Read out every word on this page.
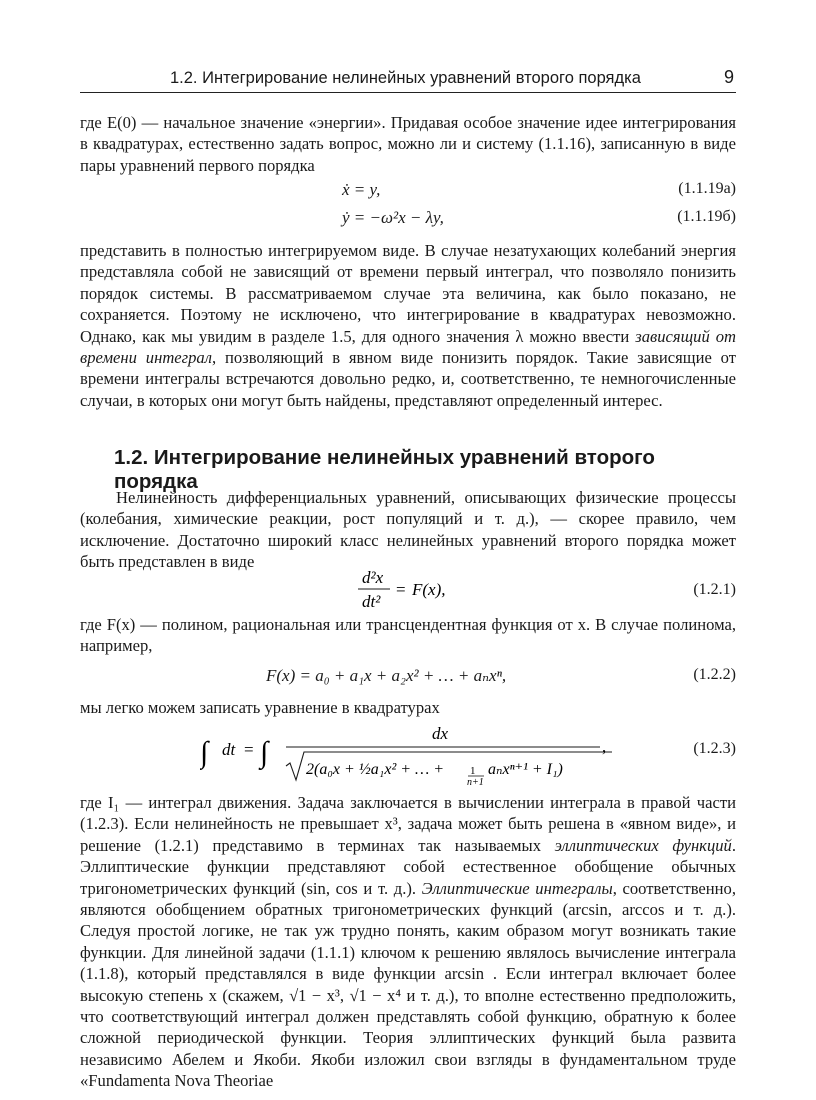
1.2. Интегрирование нелинейных уравнений второго порядка	9

где E(0) — начальное значение «энергии». Придавая особое значение идее интегрирования в квадратурах, естественно задать вопрос, можно ли и систему (1.1.16), записанную в виде пары уравнений первого порядка

ẋ = y,	(1.1.19a)
ẏ = −ω²x − λy,	(1.1.19б)

представить в полностью интегрируемом виде. В случае незатухающих колебаний энергия представляла собой не зависящий от времени первый интеграл, что позволяло понизить порядок системы. В рассматриваемом случае эта величина, как было показано, не сохраняется. Поэтому не исключено, что интегрирование в квадратурах невозможно. Однако, как мы увидим в разделе 1.5, для одного значения λ можно ввести зависящий от времени интеграл, позволяющий в явном виде понизить порядок. Такие зависящие от времени интегралы встречаются довольно редко, и, соответственно, те немногочисленные случаи, в которых они могут быть найдены, представляют определенный интерес.

1.2. Интегрирование нелинейных уравнений второго порядка

Нелинейность дифференциальных уравнений, описывающих физические процессы (колебания, химические реакции, рост популяций и т. д.), — скорее правило, чем исключение. Достаточно широкий класс нелинейных уравнений второго порядка может быть представлен в виде

d²x
dt²
= F(x),	(1.2.1)

где F(x) — полином, рациональная или трансцендентная функция от x. В случае полинома, например,

F(x) = a₀ + a₁x + a₂x² + … + aₙxⁿ,	(1.2.2)

мы легко можем записать уравнение в квадратурах

∫ dt = ∫
dx
2(a₀x + ½a₁x² + … + 1
n+1
aₙxⁿ⁺¹ + I₁)
,	(1.2.3)

где I₁ — интеграл движения. Задача заключается в вычислении интеграла в правой части (1.2.3). Если нелинейность не превышает x³, задача может быть решена в «явном виде», и решение (1.2.1) представимо в терминах так называемых эллиптических функций. Эллиптические функции представляют собой естественное обобщение обычных тригонометрических функций (sin, cos и т. д.). Эллиптические интегралы, соответственно, являются обобщением обратных тригонометрических функций (arcsin, arccos и т. д.). Следуя простой логике, не так уж трудно понять, каким образом могут возникать такие функции. Для линейной задачи (1.1.1) ключом к решению являлось вычисление интеграла (1.1.8), который представлялся в виде функции arcsin . Если интеграл включает более высокую степень x (скажем, √1 − x³, √1 − x⁴ и т. д.), то вполне естественно предположить, что соответствующий интеграл должен представлять собой функцию, обратную к более сложной периодической функции. Теория эллиптических функций была развита независимо Абелем и Якоби. Якоби изложил свои взгляды в фундаментальном труде «Fundamenta Nova Theoriae
